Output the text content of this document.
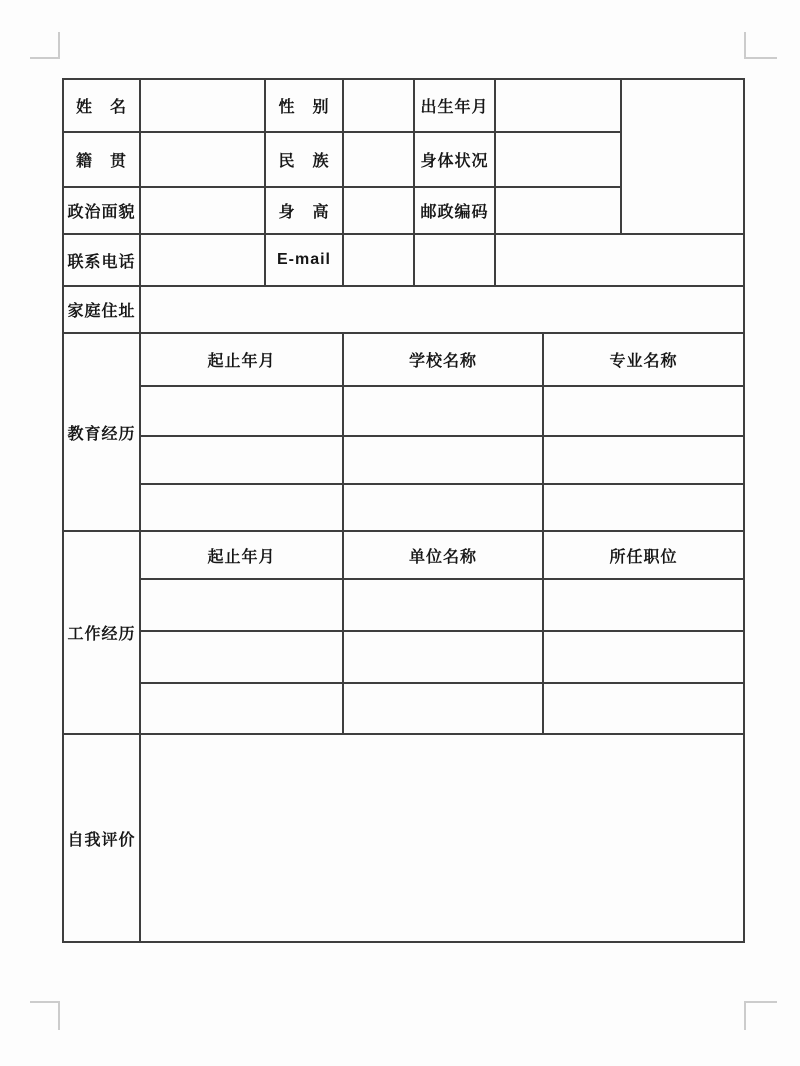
姓　名		性　别		出生年月			
籍　贯		民　族		身体状况			
政治面貌		身　高		邮政编码			
联系电话		E-mail					
家庭住址							
教育经历	起止年月		学校名称			专业名称	

工作经历	起止年月		单位名称			所任职位	

自我评价							
